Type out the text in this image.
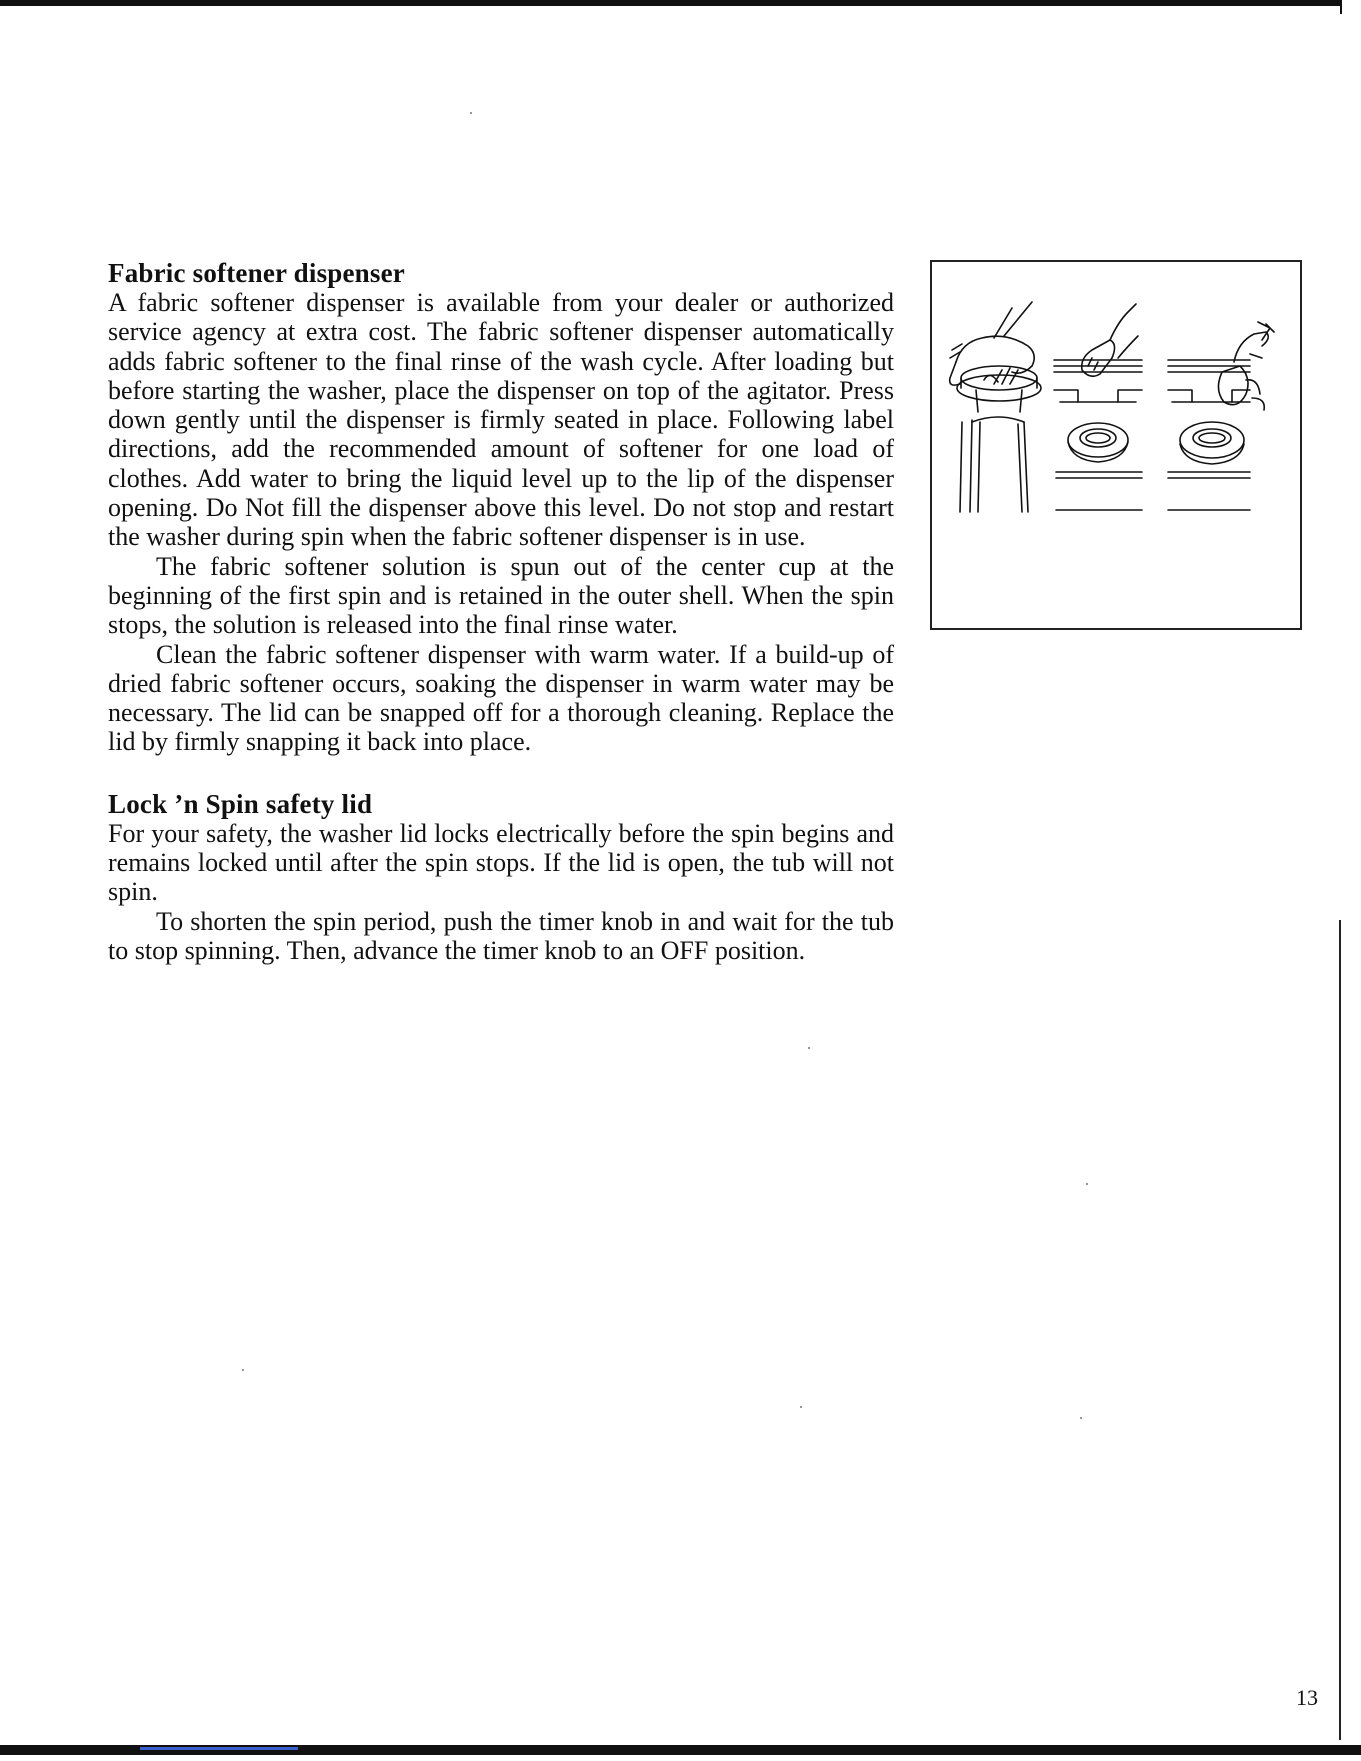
Fabric softener dispenser

A fabric softener dispenser is available from your dealer or authorized service agency at extra cost. The fabric softener dispenser automatically adds fabric softener to the final rinse of the wash cycle. After loading but before starting the washer, place the dispenser on top of the agitator. Press down gently until the dispenser is firmly seated in place. Following label directions, add the recommended amount of softener for one load of clothes. Add water to bring the liquid level up to the lip of the dispenser opening. Do Not fill the dispenser above this level. Do not stop and restart the washer during spin when the fabric softener dispenser is in use.

The fabric softener solution is spun out of the center cup at the beginning of the first spin and is retained in the outer shell. When the spin stops, the solution is released into the final rinse water.

Clean the fabric softener dispenser with warm water. If a build-up of dried fabric softener occurs, soaking the dispenser in warm water may be necessary. The lid can be snapped off for a thorough cleaning. Replace the lid by firmly snapping it back into place.

Lock ’n Spin safety lid

For your safety, the washer lid locks electrically before the spin begins and remains locked until after the spin stops. If the lid is open, the tub will not spin.

To shorten the spin period, push the timer knob in and wait for the tub to stop spinning. Then, advance the timer knob to an OFF position.

13
